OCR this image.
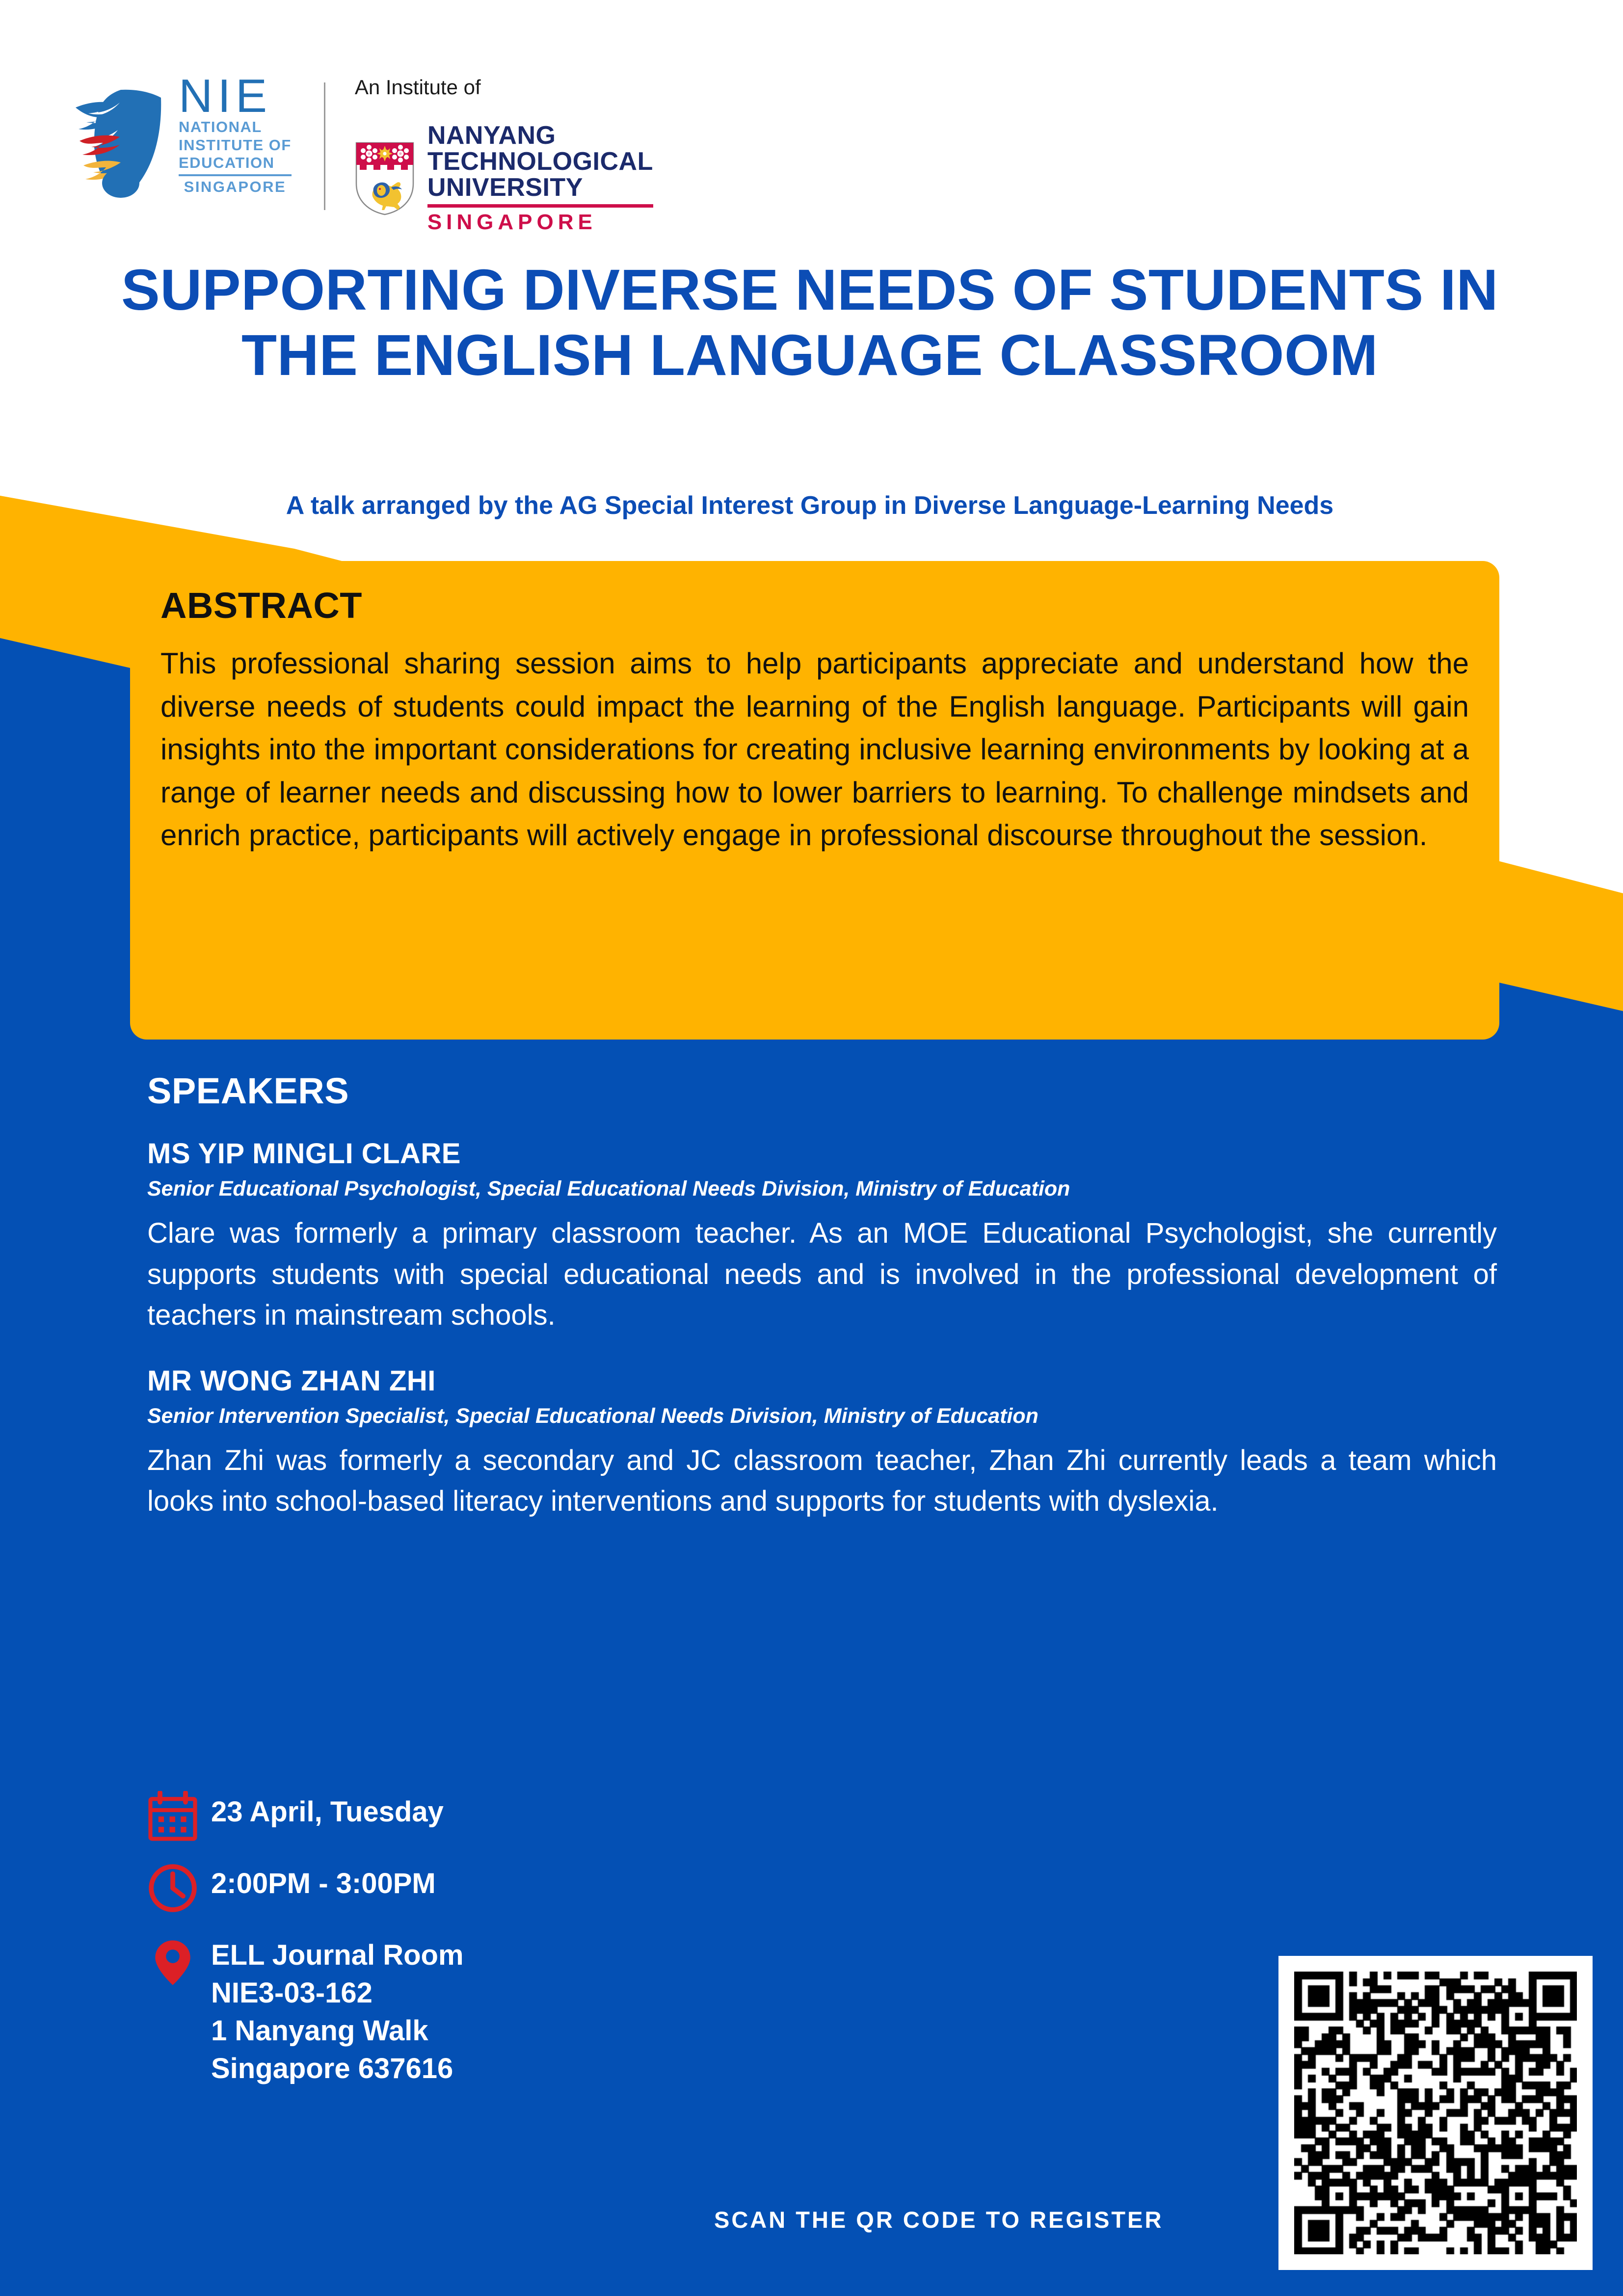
NIE
NATIONAL
INSTITUTE OF
EDUCATION
SINGAPORE
An Institute of
NANYANG
TECHNOLOGICAL
UNIVERSITY
SINGAPORE
SUPPORTING DIVERSE NEEDS OF STUDENTS IN THE ENGLISH LANGUAGE CLASSROOM
A talk arranged by the AG Special Interest Group in Diverse Language-Learning Needs
ABSTRACT
This professional sharing session aims to help participants appreciate and understand how the diverse needs of students could impact the learning of the English language. Participants will gain insights into the important considerations for creating inclusive learning environments by looking at a range of learner needs and discussing how to lower barriers to learning. To challenge mindsets and enrich practice, participants will actively engage in professional discourse throughout the session.
SPEAKERS
MS YIP MINGLI CLARE
Senior Educational Psychologist, Special Educational Needs Division, Ministry of Education
Clare was formerly a primary classroom teacher. As an MOE Educational Psychologist, she currently supports students with special educational needs and is involved in the professional development of teachers in mainstream schools.
MR WONG ZHAN ZHI
Senior Intervention Specialist, Special Educational Needs Division, Ministry of Education
Zhan Zhi was formerly a secondary and JC classroom teacher, Zhan Zhi currently leads a team which looks into school-based literacy interventions and supports for students with dyslexia.
23 April, Tuesday
2:00PM - 3:00PM
ELL Journal Room
NIE3-03-162
1 Nanyang Walk
Singapore 637616
SCAN THE QR CODE TO REGISTER
